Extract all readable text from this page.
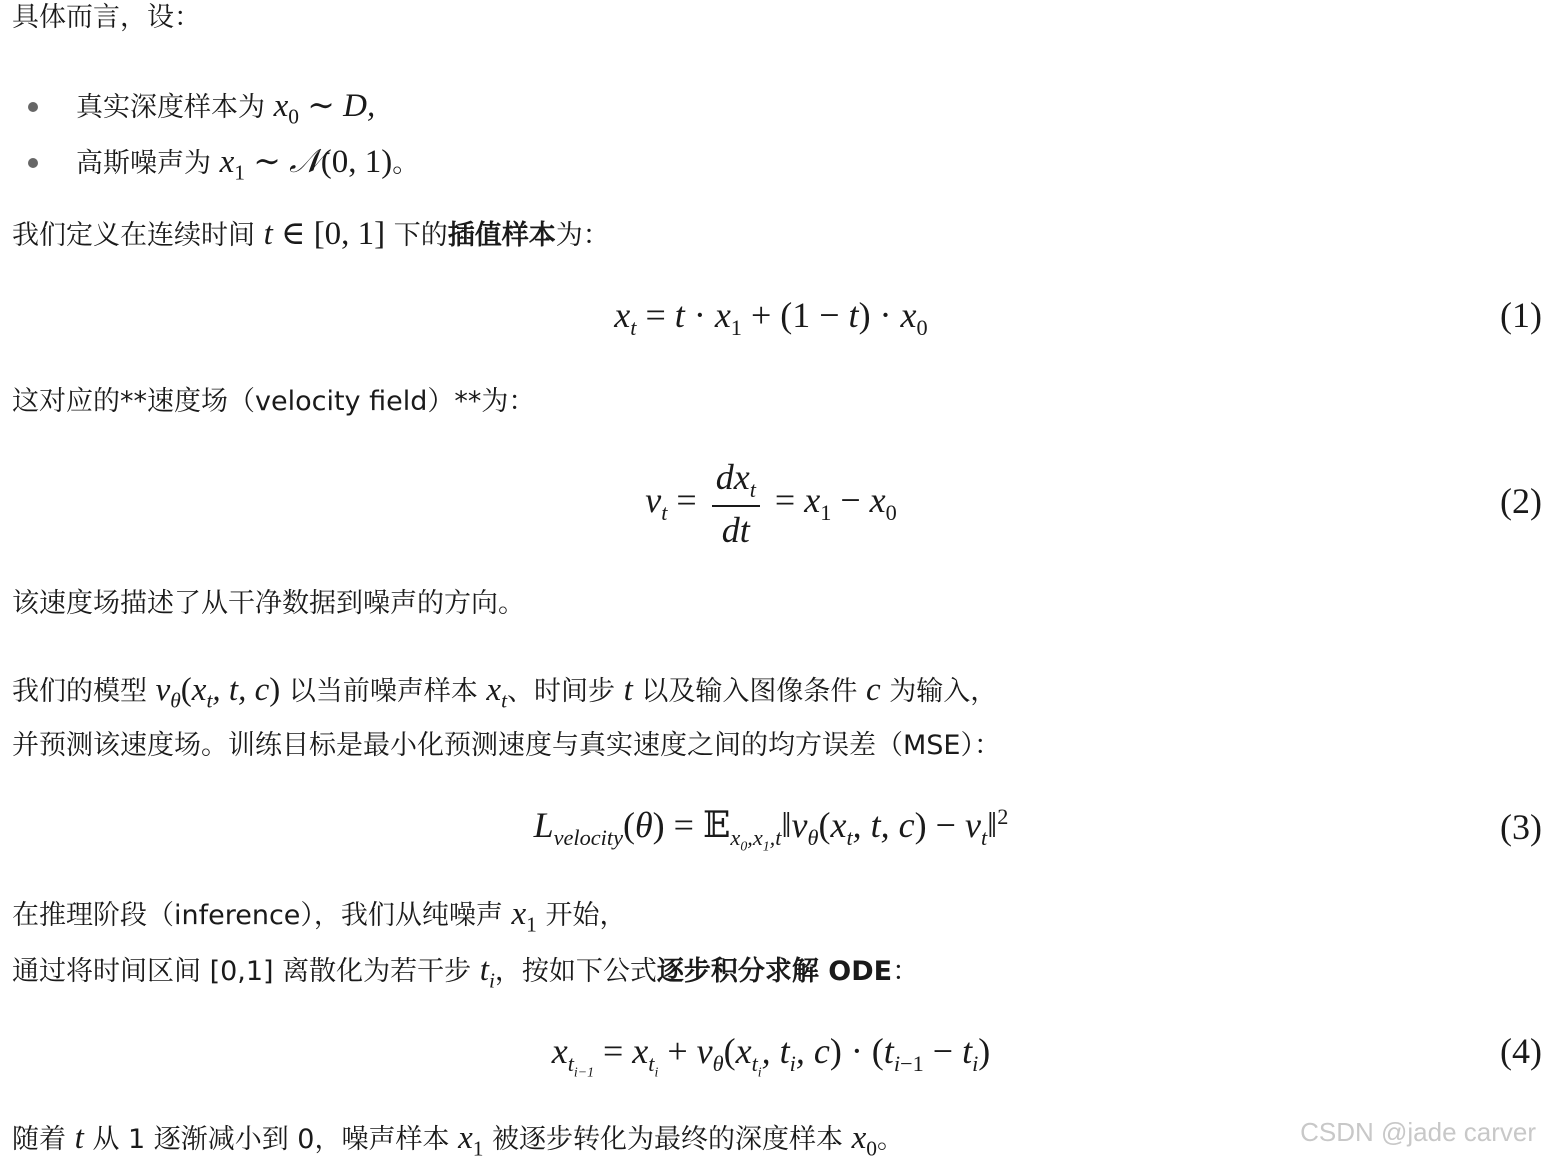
具体而言，设：
真实深度样本为 $x_0$ ∼ D,
高斯噪声为 $x_1$ ∼ 𝒩(0, 1)。
我们定义在连续时间 t ∈ [0, 1] 下的插值样本为：
$x_t = t \cdot x_1 + (1 - t) \cdot x_0$	(1)
这对应的**速度场（velocity field）**为：
$v_t = \frac{dx_t}{dt} = x_1 - x_0$	(2)
该速度场描述了从干净数据到噪声的方向。
我们的模型 $v_\theta(x_t$, t, c) 以当前噪声样本 $x_t$、时间步 t 以及输入图像条件 c 为输入，
并预测该速度场。训练目标是最小化预测速度与真实速度之间的均方误差（MSE）：
$L_{velocity}(\theta)$ = $𝔼_{x_0,x_1,t}‖v_\theta(x_t$, t, $c) - v_t‖^2$	(3)
在推理阶段（inference），我们从纯噪声 $x_1$ 开始，
通过将时间区间 [0,1] 离散化为若干步 $t_i$，按如下公式逐步积分求解 ODE：
$x_{t_{i-1}} = x_{t_i} + v_\theta(x_{t_i}$, $t_i$, $c) \cdot (t_{i-1} - t_i)$	(4)
随着 t 从 1 逐渐减小到 0，噪声样本 $x_1$ 被逐步转化为最终的深度样本 $x_0$。	CSDN @jade carver
